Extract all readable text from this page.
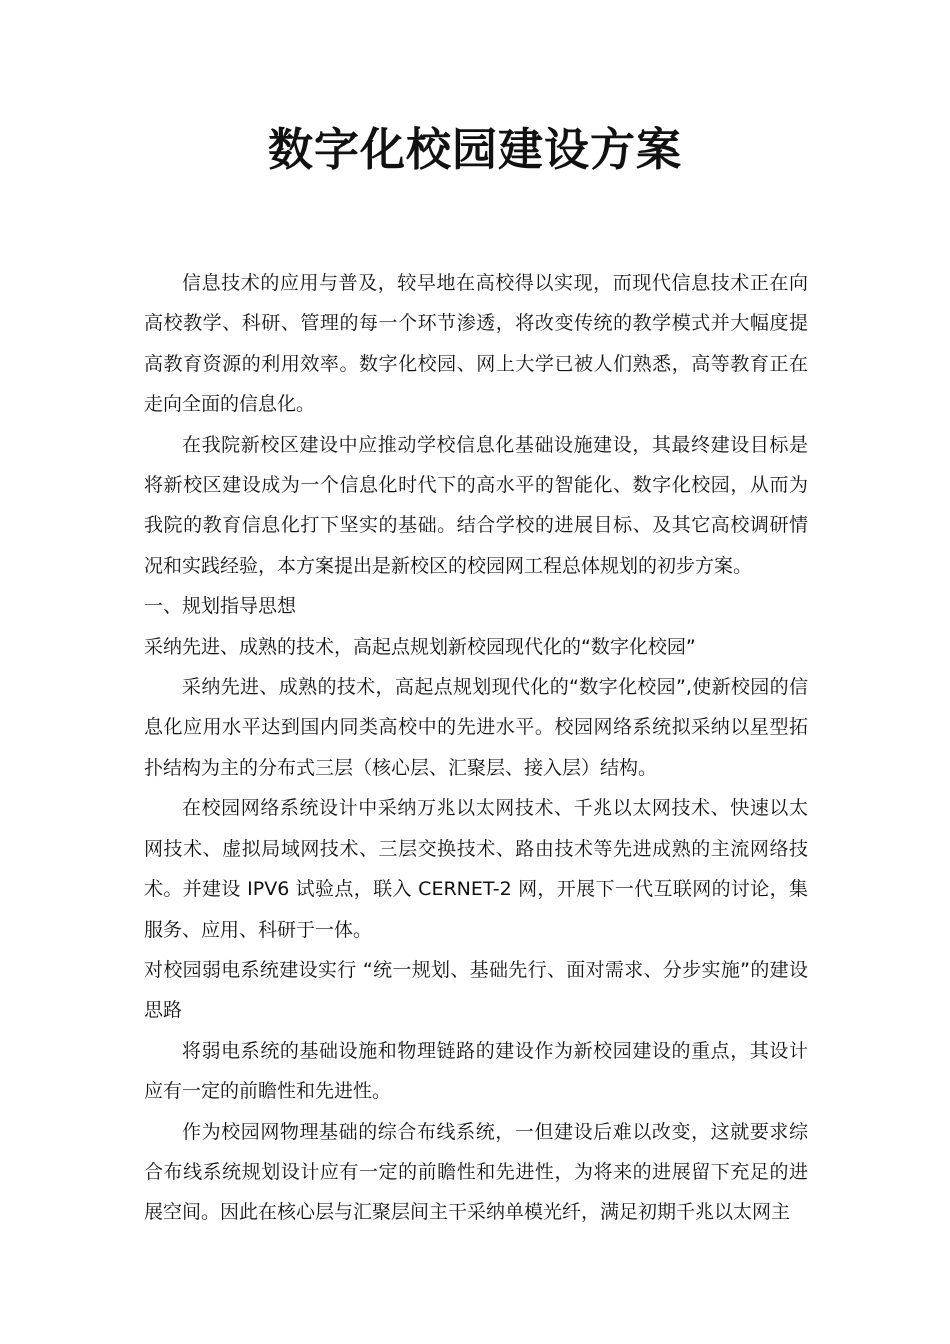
数字化校园建设方案

信息技术的应用与普及，较早地在高校得以实现，而现代信息技术正在向高校教学、科研、管理的每一个环节渗透，将改变传统的教学模式并大幅度提高教育资源的利用效率。数字化校园、网上大学已被人们熟悉，高等教育正在走向全面的信息化。

在我院新校区建设中应推动学校信息化基础设施建设，其最终建设目标是将新校区建设成为一个信息化时代下的高水平的智能化、数字化校园，从而为我院的教育信息化打下坚实的基础。结合学校的进展目标、及其它高校调研情况和实践经验，本方案提出是新校区的校园网工程总体规划的初步方案。

一、规划指导思想

采纳先进、成熟的技术，高起点规划新校园现代化的“数字化校园”

采纳先进、成熟的技术，高起点规划现代化的“数字化校园”,使新校园的信息化应用水平达到国内同类高校中的先进水平。校园网络系统拟采纳以星型拓扑结构为主的分布式三层（核心层、汇聚层、接入层）结构。

在校园网络系统设计中采纳万兆以太网技术、千兆以太网技术、快速以太网技术、虚拟局域网技术、三层交换技术、路由技术等先进成熟的主流网络技术。并建设 IPV6 试验点，联入 CERNET-2 网，开展下一代互联网的讨论，集服务、应用、科研于一体。

对校园弱电系统建设实行 “统一规划、基础先行、面对需求、分步实施”的建设思路

将弱电系统的基础设施和物理链路的建设作为新校园建设的重点，其设计应有一定的前瞻性和先进性。

作为校园网物理基础的综合布线系统，一但建设后难以改变，这就要求综合布线系统规划设计应有一定的前瞻性和先进性，为将来的进展留下充足的进展空间。因此在核心层与汇聚层间主干采纳单模光纤，满足初期千兆以太网主
